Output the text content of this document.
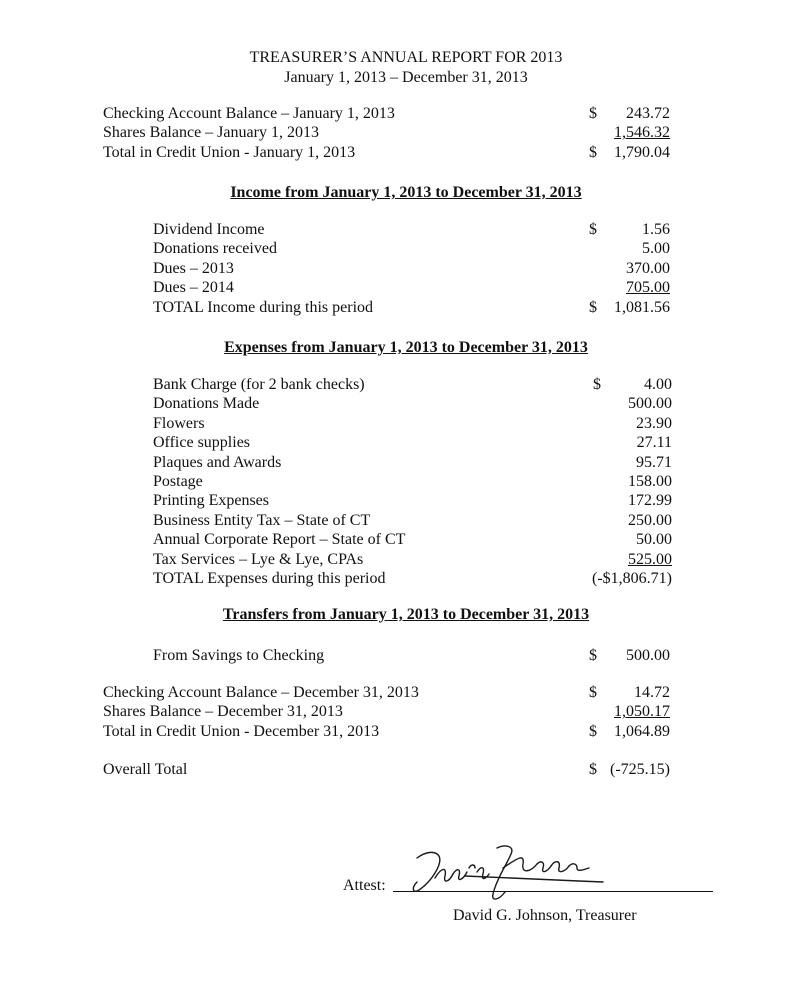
TREASURER’S ANNUAL REPORT FOR 2013
January 1, 2013 – December 31, 2013
Checking Account Balance – January 1, 2013	$	243.72
Shares Balance – January 1, 2013	1,546.32
Total in Credit Union - January 1, 2013	$	1,790.04
Income from January 1, 2013 to December 31, 2013
Dividend Income	$	1.56
Donations received	5.00
Dues – 2013	370.00
Dues – 2014	705.00
TOTAL Income during this period	$	1,081.56
Expenses from January 1, 2013 to December 31, 2013
Bank Charge (for 2 bank checks)	$	4.00
Donations Made	500.00
Flowers	23.90
Office supplies	27.11
Plaques and Awards	95.71
Postage	158.00
Printing Expenses	172.99
Business Entity Tax – State of CT	250.00
Annual Corporate Report – State of CT	50.00
Tax Services – Lye & Lye, CPAs	525.00
TOTAL Expenses during this period	(-$1,806.71)
Transfers from January 1, 2013 to December 31, 2013
From Savings to Checking	$	500.00
Checking Account Balance – December 31, 2013	$	14.72
Shares Balance – December 31, 2013	1,050.17
Total in Credit Union - December 31, 2013	$	1,064.89
Overall Total	$ (-725.15)
Attest:
David G. Johnson, Treasurer
